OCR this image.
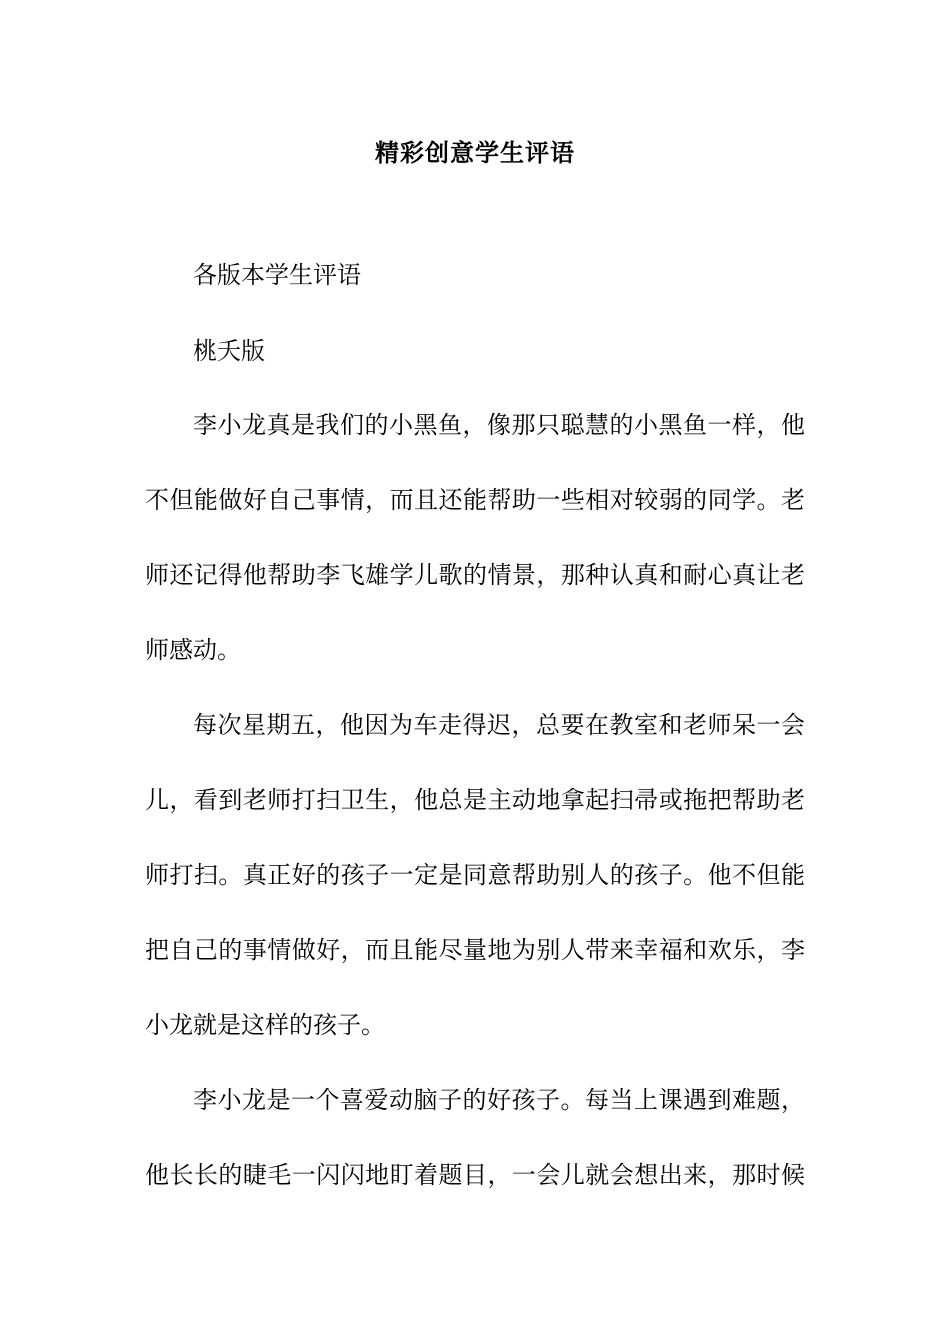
精彩创意学生评语
各版本学生评语
桃夭版
李小龙真是我们的小黑鱼，像那只聪慧的小黑鱼一样，他
不但能做好自己事情，而且还能帮助一些相对较弱的同学。老
师还记得他帮助李飞雄学儿歌的情景，那种认真和耐心真让老
师感动。
每次星期五，他因为车走得迟，总要在教室和老师呆一会
儿，看到老师打扫卫生，他总是主动地拿起扫帚或拖把帮助老
师打扫。真正好的孩子一定是同意帮助别人的孩子。他不但能
把自己的事情做好，而且能尽量地为别人带来幸福和欢乐，李
小龙就是这样的孩子。
李小龙是一个喜爱动脑子的好孩子。每当上课遇到难题，
他长长的睫毛一闪闪地盯着题目，一会儿就会想出来，那时候
